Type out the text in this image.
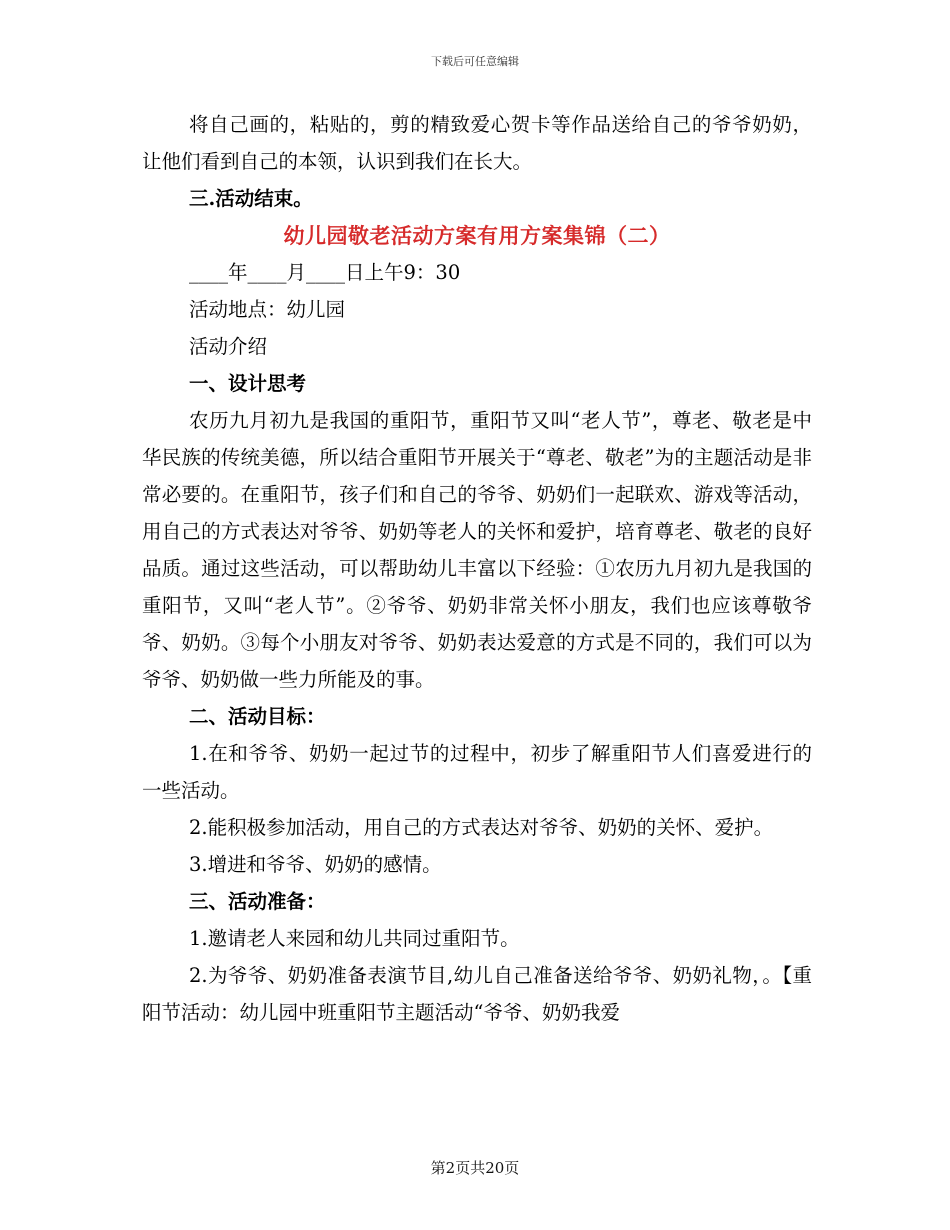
下载后可任意编辑

将自己画的，粘贴的，剪的精致爱心贺卡等作品送给自己的爷爷奶奶，让他们看到自己的本领，认识到我们在长大。

三.活动结束。

幼儿园敬老活动方案有用方案集锦（二）

____年____月____日上午9：30

活动地点：幼儿园

活动介绍

一、设计思考

农历九月初九是我国的重阳节，重阳节又叫“老人节”，尊老、敬老是中华民族的传统美德，所以结合重阳节开展关于“尊老、敬老”为的主题活动是非常必要的。在重阳节，孩子们和自己的爷爷、奶奶们一起联欢、游戏等活动，用自己的方式表达对爷爷、奶奶等老人的关怀和爱护，培育尊老、敬老的良好品质。通过这些活动，可以帮助幼儿丰富以下经验：①农历九月初九是我国的重阳节，又叫“老人节”。②爷爷、奶奶非常关怀小朋友，我们也应该尊敬爷爷、奶奶。③每个小朋友对爷爷、奶奶表达爱意的方式是不同的，我们可以为爷爷、奶奶做一些力所能及的事。

二、活动目标：

1.在和爷爷、奶奶一起过节的过程中，初步了解重阳节人们喜爱进行的一些活动。

2.能积极参加活动，用自己的方式表达对爷爷、奶奶的关怀、爱护。

3.增进和爷爷、奶奶的感情。

三、活动准备：

1.邀请老人来园和幼儿共同过重阳节。

2.为爷爷、奶奶准备表演节目,幼儿自己准备送给爷爷、奶奶礼物，。【重阳节活动：幼儿园中班重阳节主题活动“爷爷、奶奶我爱

第2页共20页
